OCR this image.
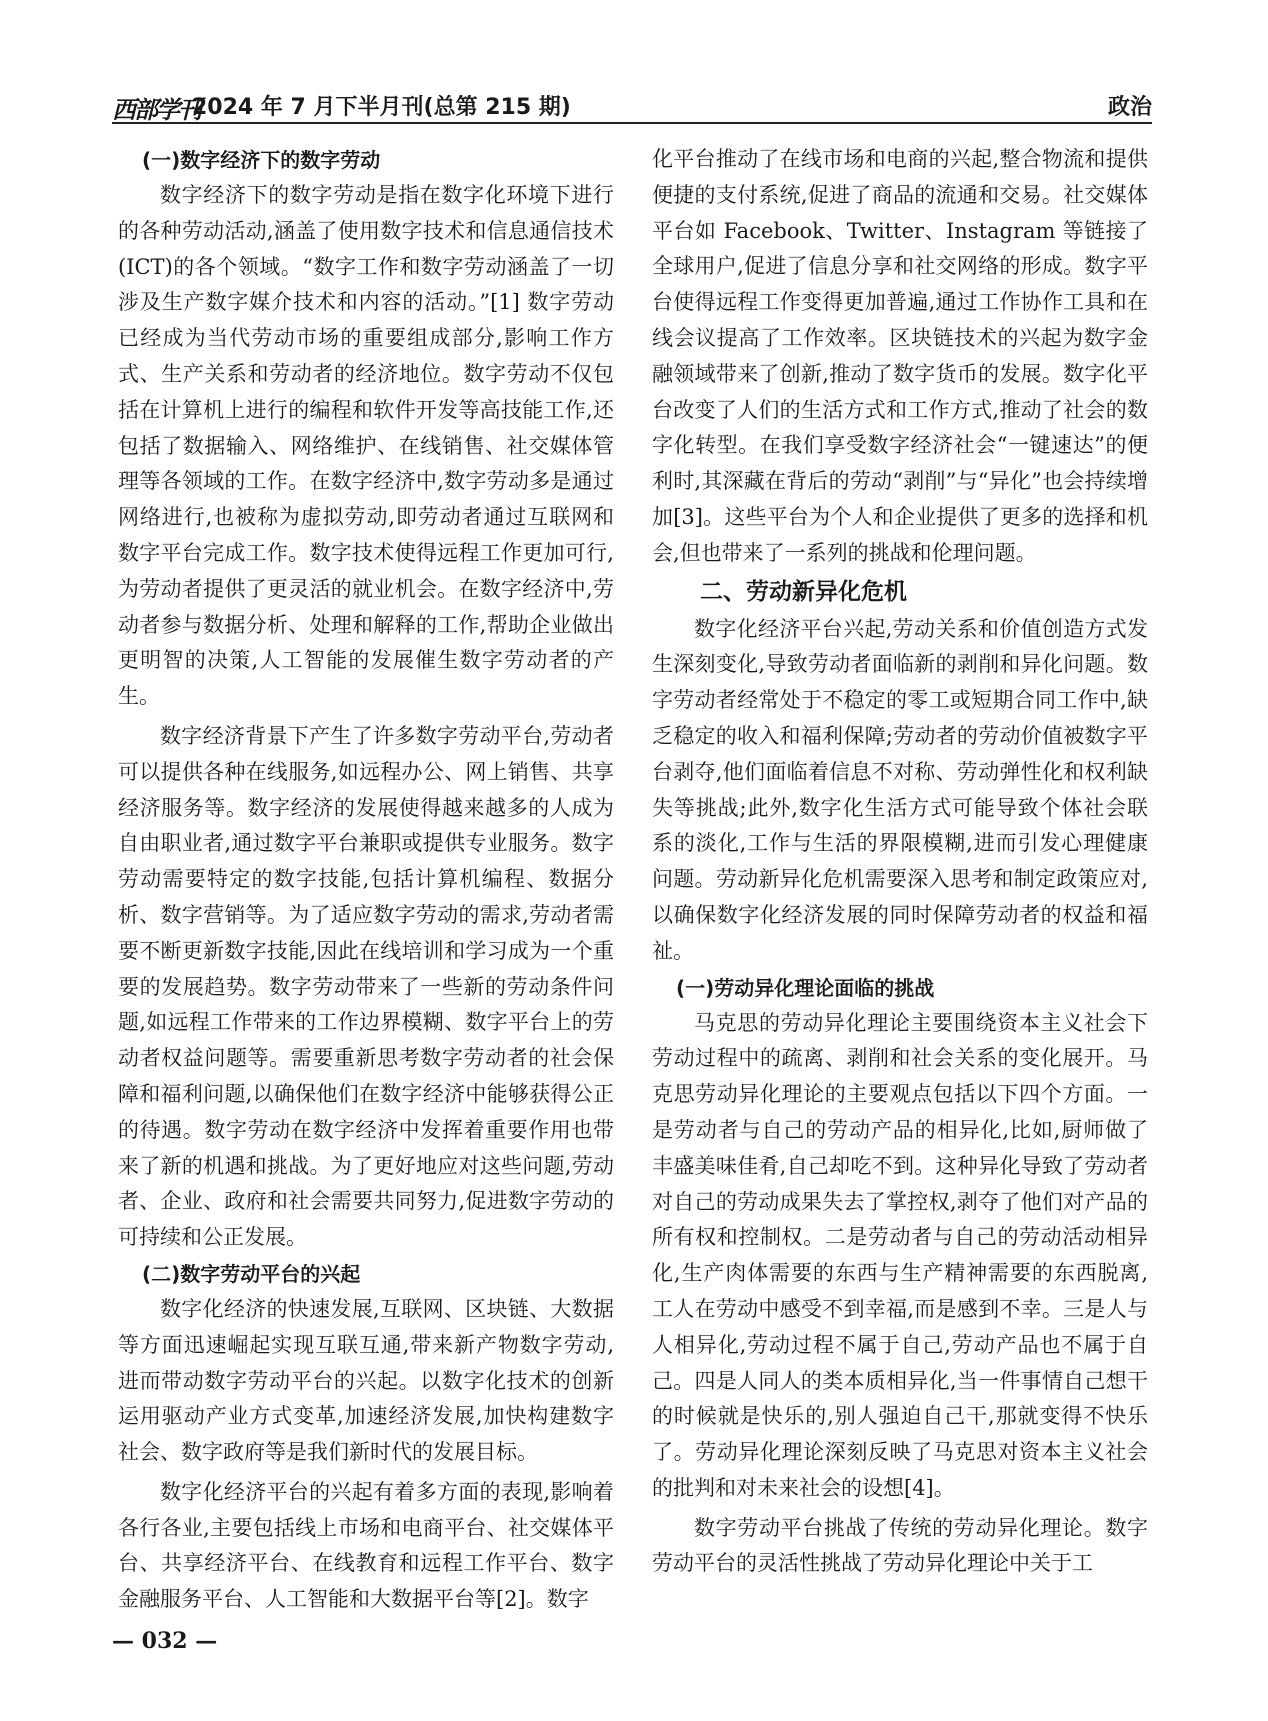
西部学刊
2024 年 7 月下半月刊(总第 215 期)	政治
(一)数字经济下的数字劳动

数字经济下的数字劳动是指在数字化环境下进行的各种劳动活动,涵盖了使用数字技术和信息通信技术(ICT)的各个领域。“数字工作和数字劳动涵盖了一切涉及生产数字媒介技术和内容的活动。”[1] 数字劳动已经成为当代劳动市场的重要组成部分,影响工作方式、生产关系和劳动者的经济地位。数字劳动不仅包括在计算机上进行的编程和软件开发等高技能工作,还包括了数据输入、网络维护、在线销售、社交媒体管理等各领域的工作。在数字经济中,数字劳动多是通过网络进行,也被称为虚拟劳动,即劳动者通过互联网和数字平台完成工作。数字技术使得远程工作更加可行,为劳动者提供了更灵活的就业机会。在数字经济中,劳动者参与数据分析、处理和解释的工作,帮助企业做出更明智的决策,人工智能的发展催生数字劳动者的产生。

数字经济背景下产生了许多数字劳动平台,劳动者可以提供各种在线服务,如远程办公、网上销售、共享经济服务等。数字经济的发展使得越来越多的人成为自由职业者,通过数字平台兼职或提供专业服务。数字劳动需要特定的数字技能,包括计算机编程、数据分析、数字营销等。为了适应数字劳动的需求,劳动者需要不断更新数字技能,因此在线培训和学习成为一个重要的发展趋势。数字劳动带来了一些新的劳动条件问题,如远程工作带来的工作边界模糊、数字平台上的劳动者权益问题等。需要重新思考数字劳动者的社会保障和福利问题,以确保他们在数字经济中能够获得公正的待遇。数字劳动在数字经济中发挥着重要作用也带来了新的机遇和挑战。为了更好地应对这些问题,劳动者、企业、政府和社会需要共同努力,促进数字劳动的可持续和公正发展。

(二)数字劳动平台的兴起

数字化经济的快速发展,互联网、区块链、大数据等方面迅速崛起实现互联互通,带来新产物数字劳动,进而带动数字劳动平台的兴起。以数字化技术的创新运用驱动产业方式变革,加速经济发展,加快构建数字社会、数字政府等是我们新时代的发展目标。

数字化经济平台的兴起有着多方面的表现,影响着各行各业,主要包括线上市场和电商平台、社交媒体平台、共享经济平台、在线教育和远程工作平台、数字金融服务平台、人工智能和大数据平台等[2]。数字

化平台推动了在线市场和电商的兴起,整合物流和提供便捷的支付系统,促进了商品的流通和交易。社交媒体平台如 Facebook、Twitter、Instagram 等链接了全球用户,促进了信息分享和社交网络的形成。数字平台使得远程工作变得更加普遍,通过工作协作工具和在线会议提高了工作效率。区块链技术的兴起为数字金融领域带来了创新,推动了数字货币的发展。数字化平台改变了人们的生活方式和工作方式,推动了社会的数字化转型。在我们享受数字经济社会“一键速达”的便利时,其深藏在背后的劳动“剥削”与“异化”也会持续增加[3]。这些平台为个人和企业提供了更多的选择和机会,但也带来了一系列的挑战和伦理问题。

二、劳动新异化危机

数字化经济平台兴起,劳动关系和价值创造方式发生深刻变化,导致劳动者面临新的剥削和异化问题。数字劳动者经常处于不稳定的零工或短期合同工作中,缺乏稳定的收入和福利保障;劳动者的劳动价值被数字平台剥夺,他们面临着信息不对称、劳动弹性化和权利缺失等挑战;此外,数字化生活方式可能导致个体社会联系的淡化,工作与生活的界限模糊,进而引发心理健康问题。劳动新异化危机需要深入思考和制定政策应对,以确保数字化经济发展的同时保障劳动者的权益和福祉。

(一)劳动异化理论面临的挑战

马克思的劳动异化理论主要围绕资本主义社会下劳动过程中的疏离、剥削和社会关系的变化展开。马克思劳动异化理论的主要观点包括以下四个方面。一是劳动者与自己的劳动产品的相异化,比如,厨师做了丰盛美味佳肴,自己却吃不到。这种异化导致了劳动者对自己的劳动成果失去了掌控权,剥夺了他们对产品的所有权和控制权。二是劳动者与自己的劳动活动相异化,生产肉体需要的东西与生产精神需要的东西脱离,工人在劳动中感受不到幸福,而是感到不幸。三是人与人相异化,劳动过程不属于自己,劳动产品也不属于自己。四是人同人的类本质相异化,当一件事情自己想干的时候就是快乐的,别人强迫自己干,那就变得不快乐了。劳动异化理论深刻反映了马克思对资本主义社会的批判和对未来社会的设想[4]。

数字劳动平台挑战了传统的劳动异化理论。数字劳动平台的灵活性挑战了劳动异化理论中关于工

— 032 —
